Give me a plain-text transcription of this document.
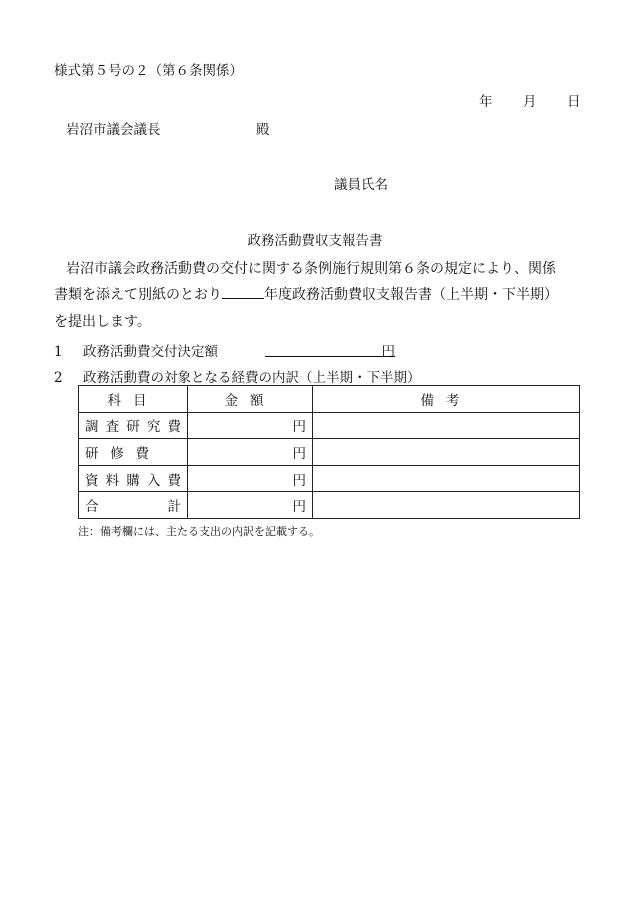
様式第５号の２（第６条関係）
年 月 日
岩沼市議会議長	殿
議員氏名
政務活動費収支報告書
岩沼市議会政務活動費の交付に関する条例施行規則第６条の規定により、関係
書類を添えて別紙のとおり	年度政務活動費収支報告書（上半期・下半期）
を提出します。
1 政務活動費交付決定額	円
2 政務活動費の対象となる経費の内訳（上半期・下半期）
科目	金額	備考
調査研究費	円	
研修費	円	
資料購入費	円	
合計	円	
注：備考欄には、主たる支出の内訳を記載する。
